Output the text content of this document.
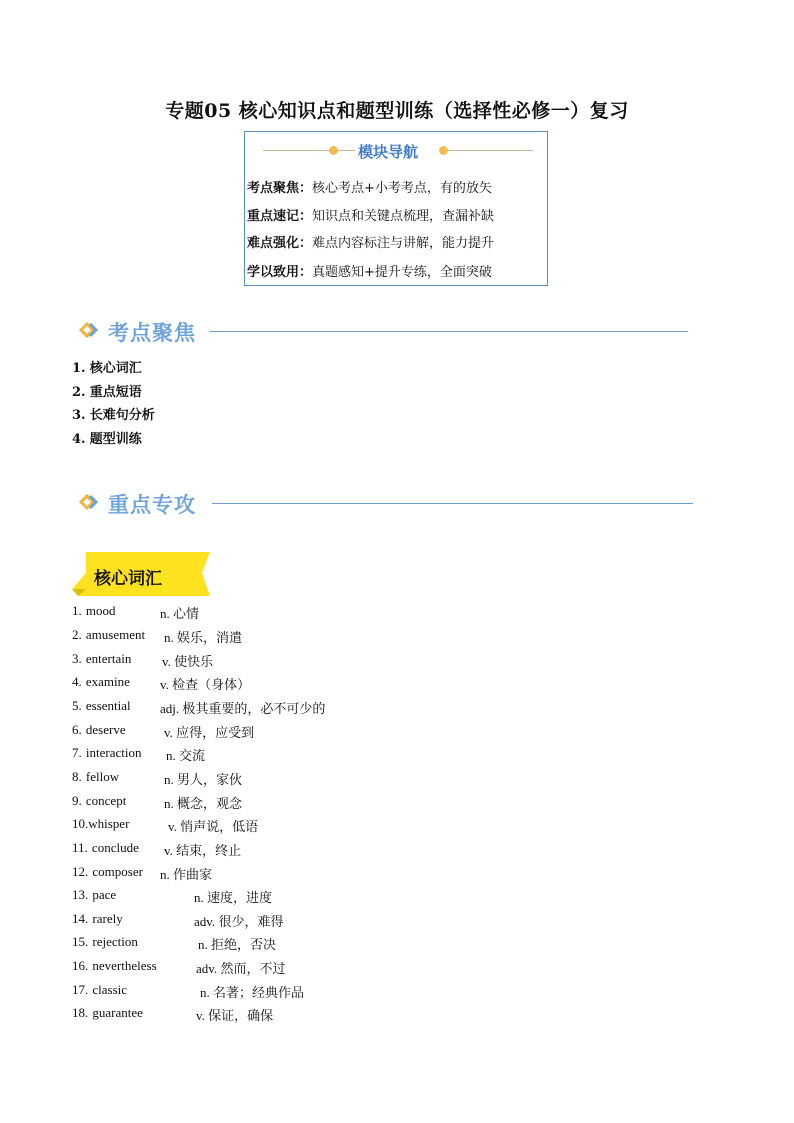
专题05 核心知识点和题型训练（选择性必修一）复习
模块导航
考点聚焦：核心考点+小考考点，有的放矢
重点速记：知识点和关键点梳理，查漏补缺
难点强化：难点内容标注与讲解，能力提升
学以致用：真题感知+提升专练，全面突破
考点聚焦
1. 核心词汇
2. 重点短语
3. 长难句分析
4. 题型训练
重点专攻
核心词汇
1. mood	n. 心情
2. amusement n. 娱乐，消遣
3. entertain v. 使快乐
4. examine v. 检查（身体）
5. essential adj. 极其重要的，必不可少的
6. deserve	v. 应得，应受到
7. interaction n. 交流
8. fellow	n. 男人，家伙
9. concept	n. 概念，观念
10.whisper	v. 悄声说，低语
11. conclude v. 结束，终止
12. composer n. 作曲家
13. pace	n. 速度，进度
14. rarely	adv. 很少，难得
15. rejection	n. 拒绝，否决
16. nevertheless	adv. 然而，不过
17. classic	n. 名著；经典作品
18. guarantee	v. 保证，确保
